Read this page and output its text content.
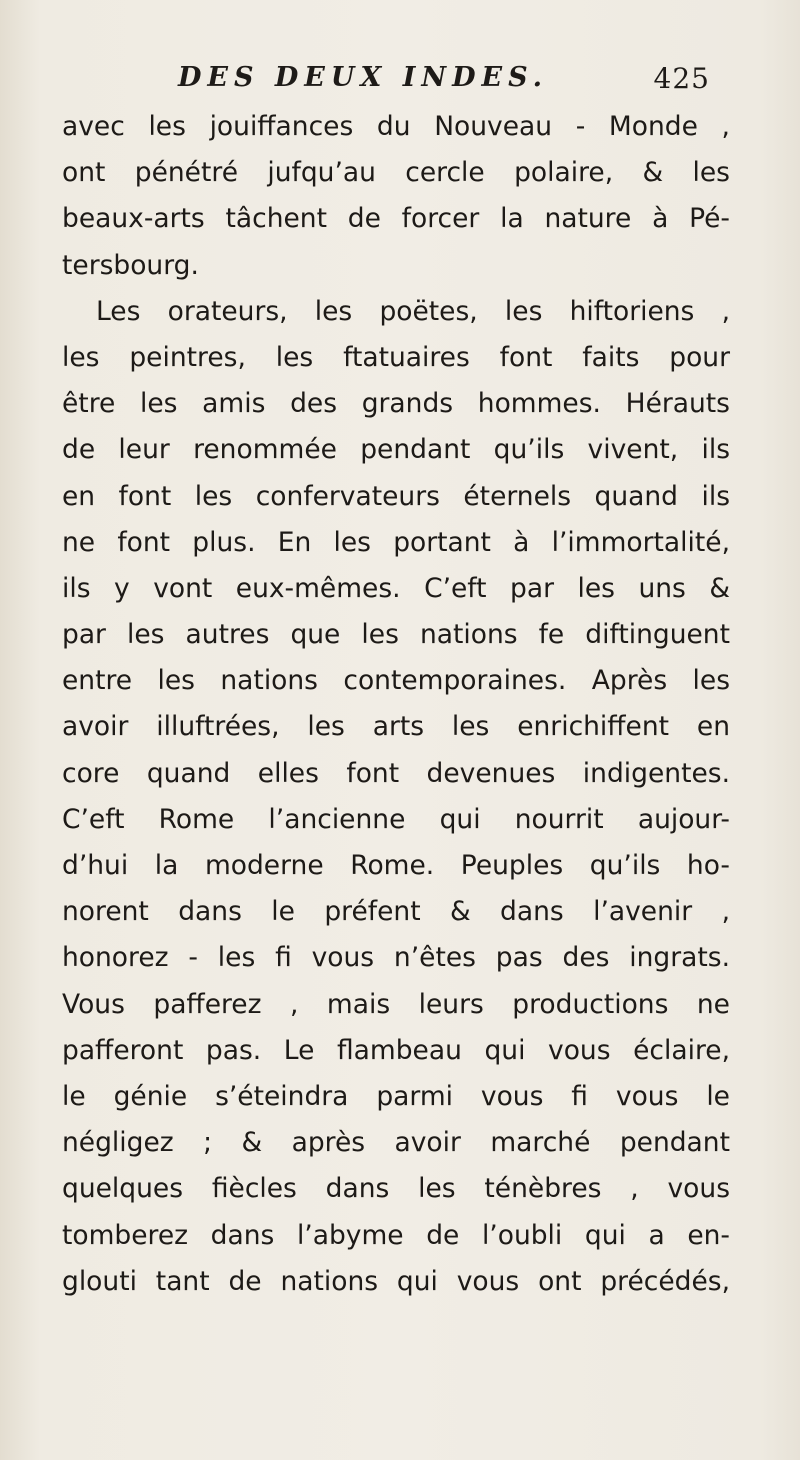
DES DEUX INDES.	425
avec les jouiffances du Nouveau - Monde ,
ont pénétré jufqu’au cercle polaire, & les
beaux-arts tâchent de forcer la nature à Pé-
tersbourg.
Les orateurs, les poëtes, les hiftoriens ,
les peintres, les ftatuaires font faits pour
être les amis des grands hommes. Hérauts
de leur renommée pendant qu’ils vivent, ils
en font les confervateurs éternels quand ils
ne font plus. En les portant à l’immortalité,
ils y vont eux-mêmes. C’eft par les uns &
par les autres que les nations fe diftinguent
entre les nations contemporaines. Après les
avoir illuftrées, les arts les enrichiffent en
core quand elles font devenues indigentes.
C’eft Rome l’ancienne qui nourrit aujour-
d’hui la moderne Rome. Peuples qu’ils ho-
norent dans le préfent & dans l’avenir ,
honorez - les fi vous n’êtes pas des ingrats.
Vous pafferez , mais leurs productions ne
pafferont pas. Le flambeau qui vous éclaire,
le génie s’éteindra parmi vous fi vous le
négligez ; & après avoir marché pendant
quelques fiècles dans les ténèbres , vous
tomberez dans l’abyme de l’oubli qui a en-
glouti tant de nations qui vous ont précédés,
